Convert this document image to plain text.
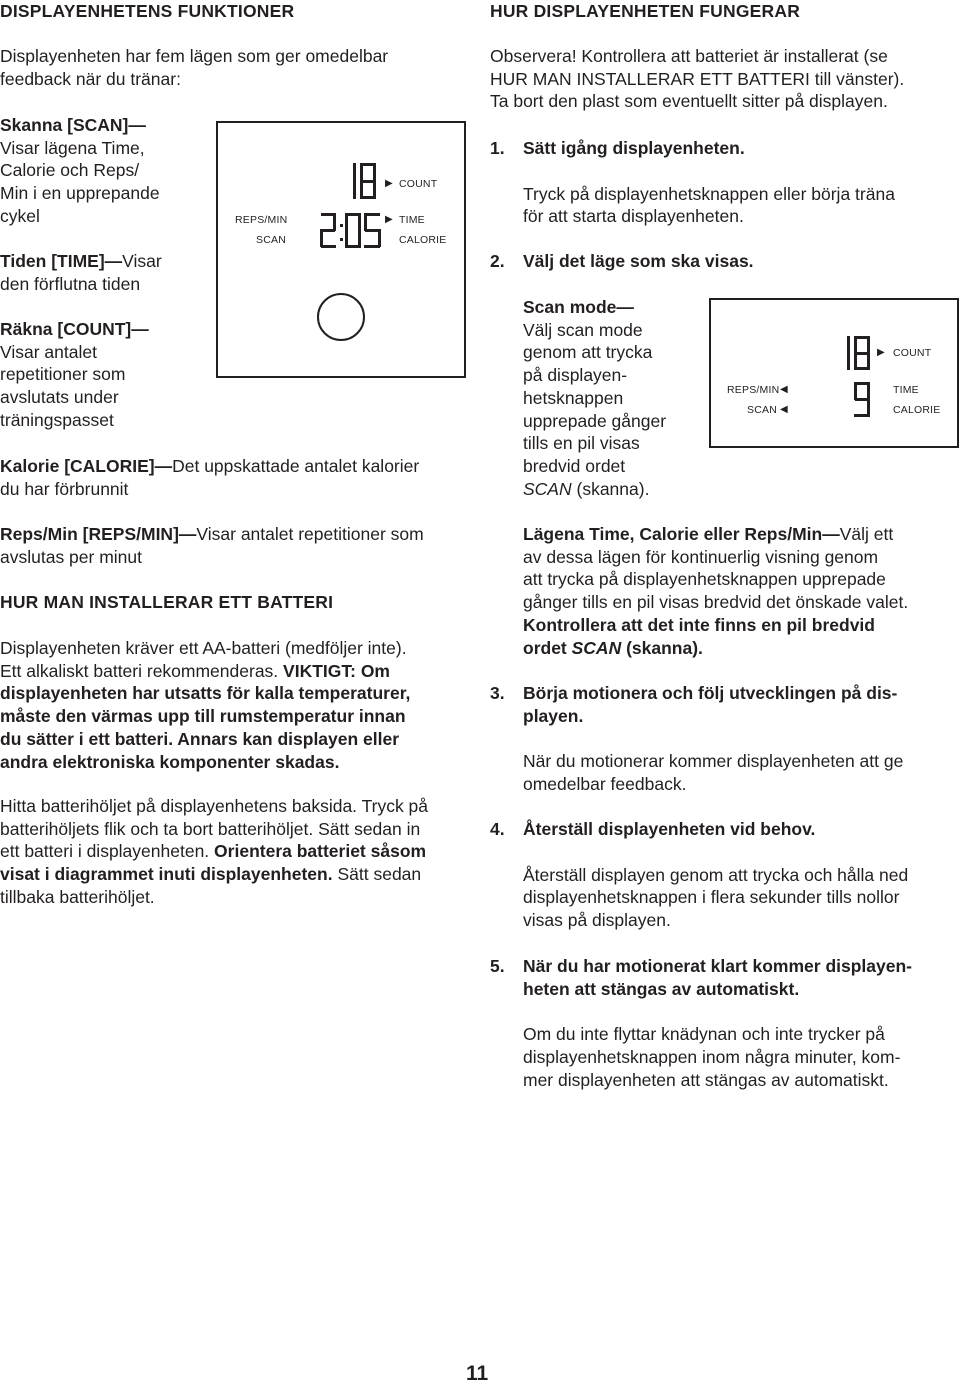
DISPLAYENHETENS FUNKTIONER
Displayenheten har fem lägen som ger omedelbar
feedback när du tränar:
Skanna [SCAN]—
Visar lägena Time,
Calorie och Reps/
Min i en upprepande
cykel
Tiden [TIME]—Visar
den förflutna tiden
Räkna [COUNT]—
Visar antalet
repetitioner som
avslutats under
träningspasset
Kalorie [CALORIE]—Det uppskattade antalet kalorier
du har förbrunnit
Reps/Min [REPS/MIN]—Visar antalet repetitioner som
avslutas per minut
HUR MAN INSTALLERAR ETT BATTERI
Displayenheten kräver ett AA-batteri (medföljer inte).
Ett alkaliskt batteri rekommenderas. VIKTIGT: Om
displayenheten har utsatts för kalla temperaturer,
måste den värmas upp till rumstemperatur innan
du sätter i ett batteri. Annars kan displayen eller
andra elektroniska komponenter skadas.
Hitta batterihöljet på displayenhetens baksida. Tryck på
batterihöljets flik och ta bort batterihöljet. Sätt sedan in
ett batteri i displayenheten. Orientera batteriet såsom
visat i diagrammet inuti displayenheten. Sätt sedan
tillbaka batterihöljet.
▶
▶
COUNT
TIME
CALORIE
REPS/MIN
SCAN
HUR DISPLAYENHETEN FUNGERAR
Observera! Kontrollera att batteriet är installerat (se
HUR MAN INSTALLERAR ETT BATTERI till vänster).
Ta bort den plast som eventuellt sitter på displayen.
1. Sätt igång displayenheten.
Tryck på displayenhetsknappen eller börja träna
för att starta displayenheten.
2. Välj det läge som ska visas.
Scan mode—
Välj scan mode
genom att trycka
på displayen-
hetsknappen
upprepade gånger
tills en pil visas
bredvid ordet
SCAN (skanna).
▶ COUNT
TIME
CALORIE
REPS/MIN
SCAN
◀
◀
Lägena Time, Calorie eller Reps/Min—Välj ett
av dessa lägen för kontinuerlig visning genom
att trycka på displayenhetsknappen upprepade
gånger tills en pil visas bredvid det önskade valet.
Kontrollera att det inte finns en pil bredvid
ordet SCAN (skanna).
3. Börja motionera och följ utvecklingen på dis-
playen.
När du motionerar kommer displayenheten att ge
omedelbar feedback.
4. Återställ displayenheten vid behov.
Återställ displayen genom att trycka och hålla ned
displayenhetsknappen i flera sekunder tills nollor
visas på displayen.
5. När du har motionerat klart kommer displayen-
heten att stängas av automatiskt.
Om du inte flyttar knädynan och inte trycker på
displayenhetsknappen inom några minuter, kom-
mer displayenheten att stängas av automatiskt.
11
